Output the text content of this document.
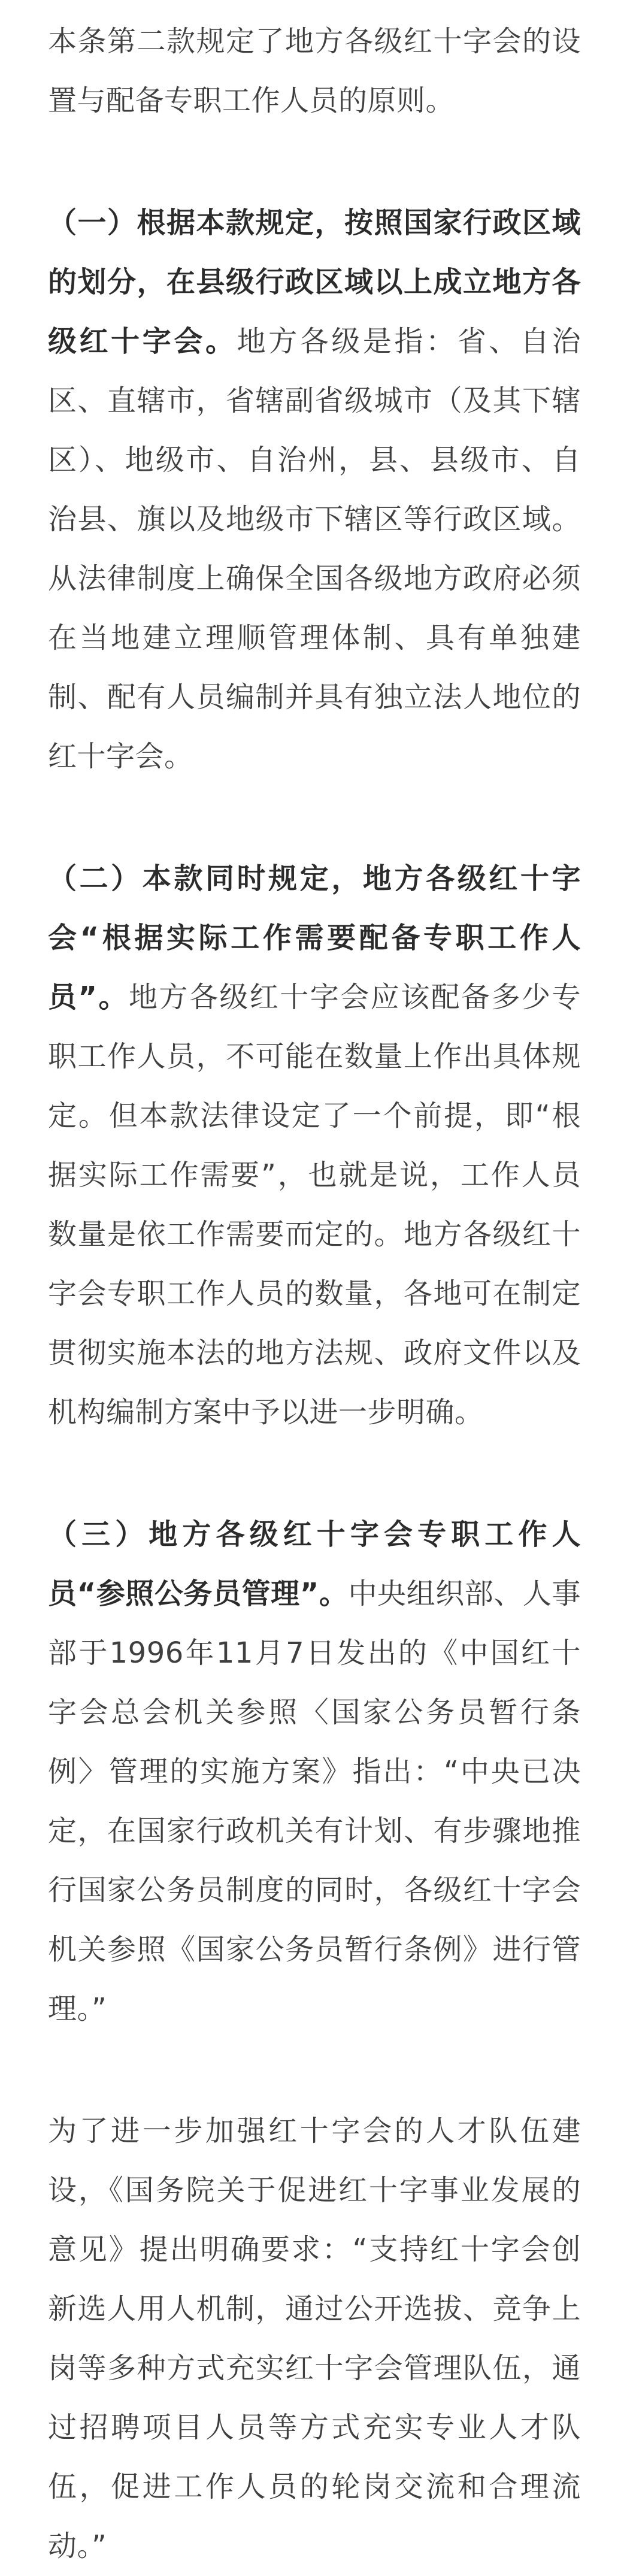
本条第二款规定了地方各级红十字会的设置与配备专职工作人员的原则。

（一）根据本款规定，按照国家行政区域的划分，在县级行政区域以上成立地方各级红十字会。地方各级是指：省、自治区、直辖市，省辖副省级城市（及其下辖区）、地级市、自治州，县、县级市、自治县、旗以及地级市下辖区等行政区域。从法律制度上确保全国各级地方政府必须在当地建立理顺管理体制、具有单独建制、配有人员编制并具有独立法人地位的红十字会。

（二）本款同时规定，地方各级红十字会“根据实际工作需要配备专职工作人员”。地方各级红十字会应该配备多少专职工作人员，不可能在数量上作出具体规定。但本款法律设定了一个前提，即“根据实际工作需要”，也就是说，工作人员数量是依工作需要而定的。地方各级红十字会专职工作人员的数量，各地可在制定贯彻实施本法的地方法规、政府文件以及机构编制方案中予以进一步明确。

（三）地方各级红十字会专职工作人员“参照公务员管理”。中央组织部、人事部于1996年11月7日发出的《中国红十字会总会机关参照〈国家公务员暂行条例〉管理的实施方案》指出：“中央已决定，在国家行政机关有计划、有步骤地推行国家公务员制度的同时，各级红十字会机关参照《国家公务员暂行条例》进行管理。”

为了进一步加强红十字会的人才队伍建设，《国务院关于促进红十字事业发展的意见》提出明确要求：“支持红十字会创新选人用人机制，通过公开选拔、竞争上岗等多种方式充实红十字会管理队伍，通过招聘项目人员等方式充实专业人才队伍，促进工作人员的轮岗交流和合理流动。”
